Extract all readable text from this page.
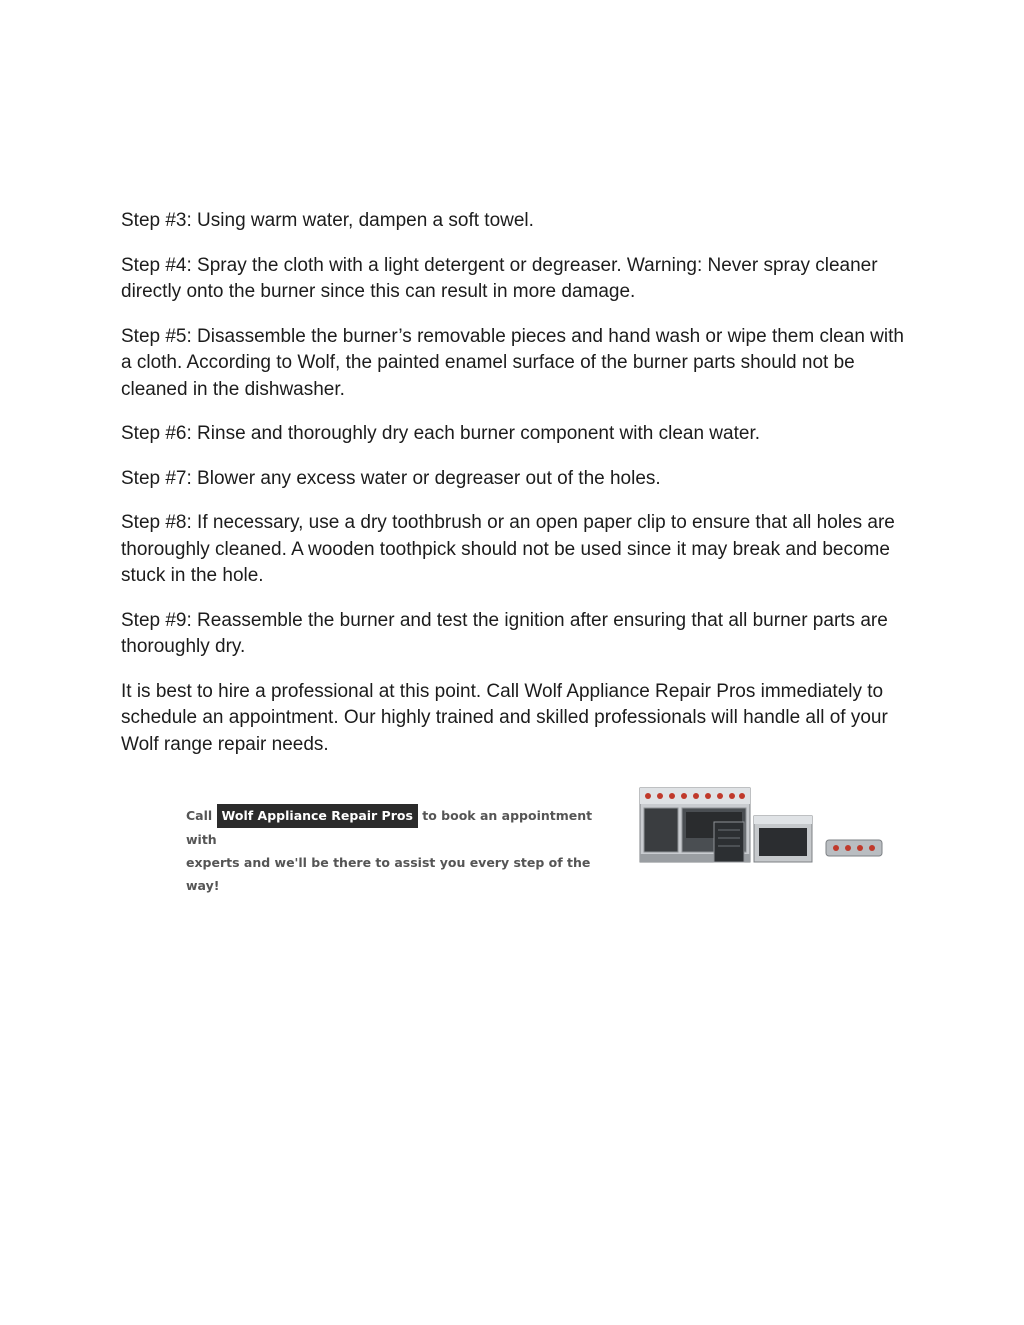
Step #3: Using warm water, dampen a soft towel.

Step #4: Spray the cloth with a light detergent or degreaser. Warning: Never spray cleaner directly onto the burner since this can result in more damage.

Step #5: Disassemble the burner’s removable pieces and hand wash or wipe them clean with a cloth. According to Wolf, the painted enamel surface of the burner parts should not be cleaned in the dishwasher.

Step #6: Rinse and thoroughly dry each burner component with clean water.

Step #7: Blower any excess water or degreaser out of the holes.

Step #8: If necessary, use a dry toothbrush or an open paper clip to ensure that all holes are thoroughly cleaned. A wooden toothpick should not be used since it may break and become stuck in the hole.

Step #9: Reassemble the burner and test the ignition after ensuring that all burner parts are thoroughly dry.

It is best to hire a professional at this point. Call Wolf Appliance Repair Pros immediately to schedule an appointment. Our highly trained and skilled professionals will handle all of your Wolf range repair needs.

Call Wolf Appliance Repair Pros to book an appointment with
experts and we'll be there to assist you every step of the way!
